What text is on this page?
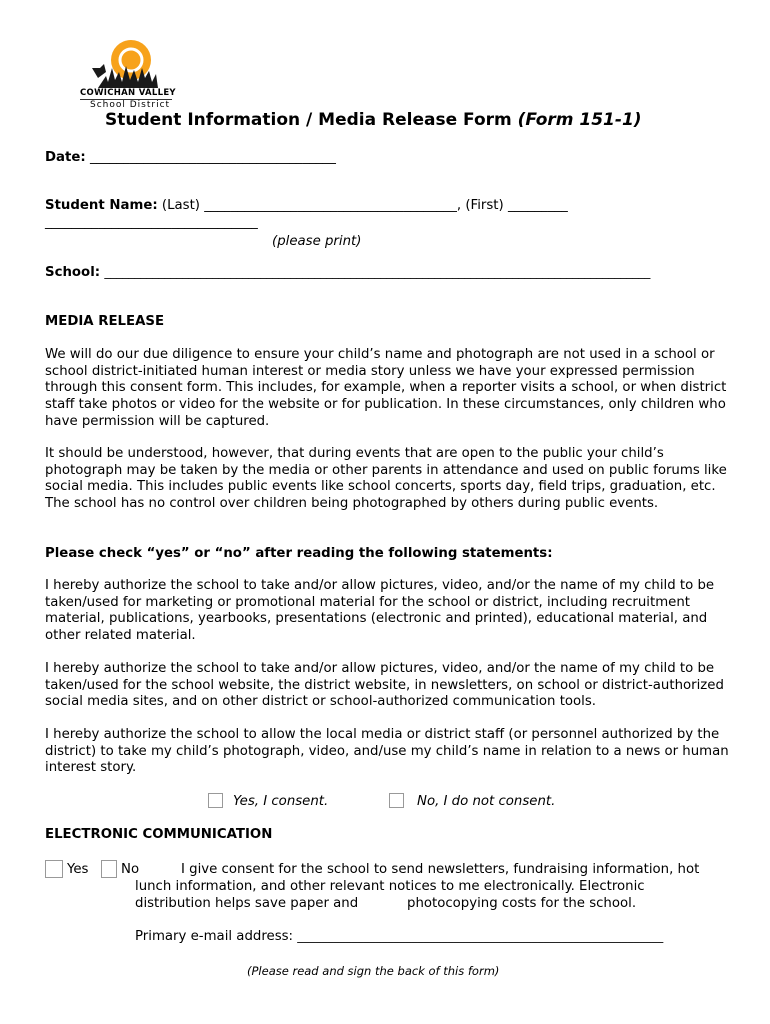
COWICHAN VALLEY
School District
Student Information / Media Release Form (Form 151-1)
Date: _____________________________________
Student Name: (Last) ______________________________________, (First) _________
________________________________
(please print)
School: ___________________________________________________________________________________________
MEDIA RELEASE
We will do our due diligence to ensure your child’s name and photograph are not used in a school or school district-initiated human interest or media story unless we have your expressed permission through this consent form. This includes, for example, when a reporter visits a school, or when district staff take photos or video for the website or for publication. In these circumstances, only children who have permission will be captured.
It should be understood, however, that during events that are open to the public your child’s photograph may be taken by the media or other parents in attendance and used on public forums like social media. This includes public events like school concerts, sports day, field trips, graduation, etc. The school has no control over children being photographed by others during public events.
Please check “yes” or “no” after reading the following statements:
I hereby authorize the school to take and/or allow pictures, video, and/or the name of my child to be taken/used for marketing or promotional material for the school or district, including recruitment material, publications, yearbooks, presentations (electronic and printed), educational material, and other related material.
I hereby authorize the school to take and/or allow pictures, video, and/or the name of my child to be taken/used for the school website, the district website, in newsletters, on school or district-authorized social media sites, and on other district or school-authorized communication tools.
I hereby authorize the school to allow the local media or district staff (or personnel authorized by the district) to take my child’s photograph, video, and/use my child’s name in relation to a news or human interest story.
Yes, I consent.	No, I do not consent.
ELECTRONIC COMMUNICATION
Yes No	I give consent for the school to send newsletters, fundraising information, hot
lunch information, and other relevant notices to me electronically. Electronic
distribution helps save paper and	photocopying costs for the school.
Primary e-mail address: _____________________________________________________________
(Please read and sign the back of this form)
